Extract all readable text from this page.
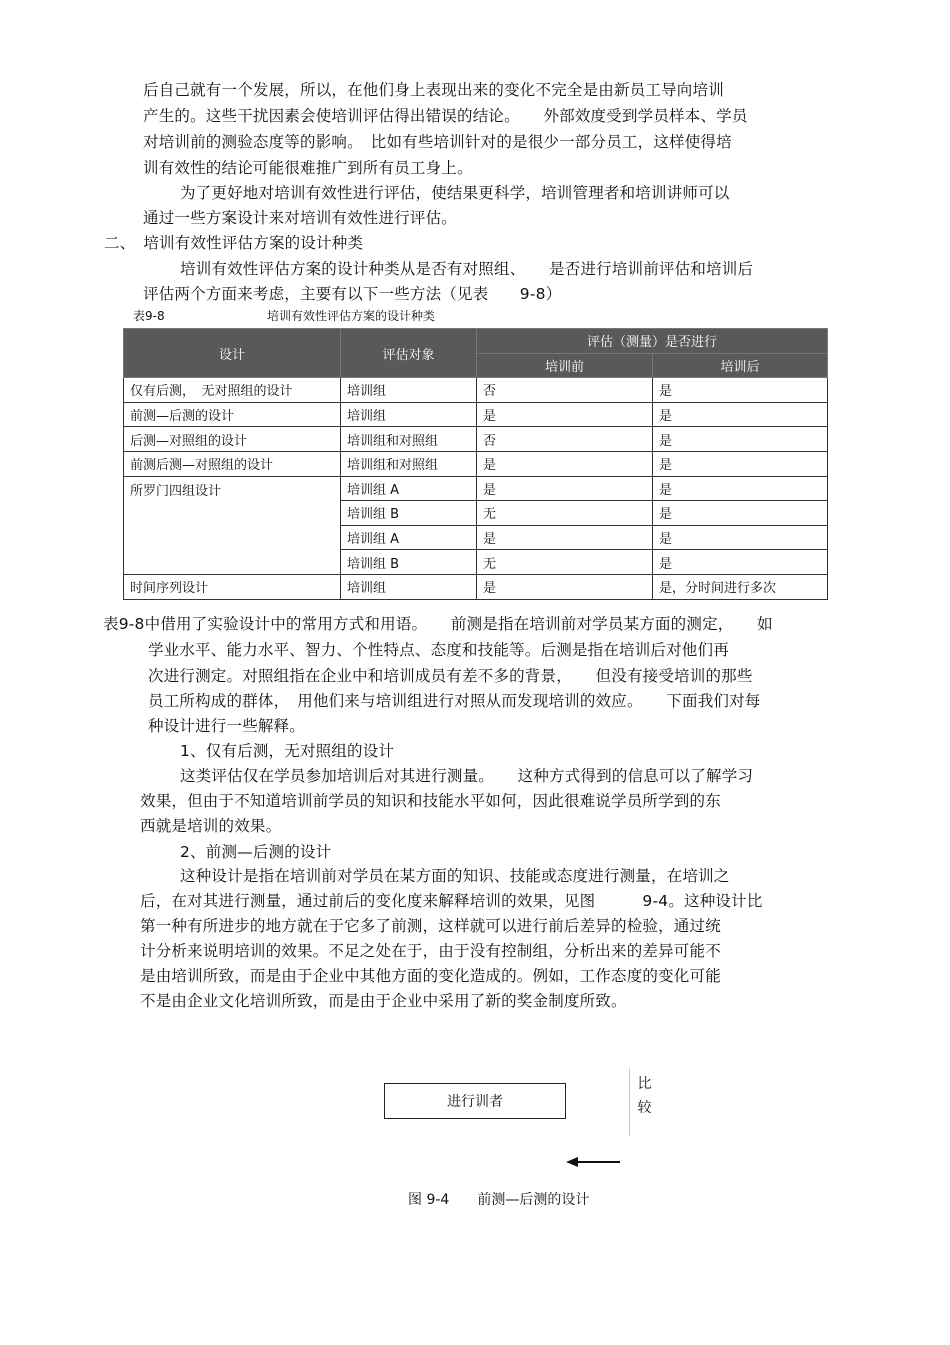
后自己就有一个发展，所以，在他们身上表现出来的变化不完全是由新员工导向培训
产生的。这些干扰因素会使培训评估得出错误的结论。　　外部效度受到学员样本、学员
对培训前的测验态度等的影响。　比如有些培训针对的是很少一部分员工，这样使得培
训有效性的结论可能很难推广到所有员工身上。
为了更好地对培训有效性进行评估，使结果更科学，培训管理者和培训讲师可以
通过一些方案设计来对培训有效性进行评估。
二、　培训有效性评估方案的设计种类
培训有效性评估方案的设计种类从是否有对照组、　　是否进行培训前评估和培训后
评估两个方面来考虑，主要有以下一些方法（见表　　9-8）
表9-8	培训有效性评估方案的设计种类
设计	评估对象	评估（测量）是否进行	
		培训前	培训后
仅有后测，　无对照组的设计	培训组	否	是
前测—后测的设计	培训组	是	是
后测—对照组的设计	培训组和对照组	否	是
前测后测—对照组的设计	培训组和对照组	是	是
所罗门四组设计	培训组 A	是	是
	培训组 B	无	是
	培训组 A	是	是
	培训组 B	无	是
时间序列设计	培训组	是	是，分时间进行多次
表9-8中借用了实验设计中的常用方式和用语。　　前测是指在培训前对学员某方面的测定，　　如
学业水平、能力水平、智力、个性特点、态度和技能等。后测是指在培训后对他们再
次进行测定。对照组指在企业中和培训成员有差不多的背景，　　但没有接受培训的那些
员工所构成的群体，　用他们来与培训组进行对照从而发现培训的效应。　　下面我们对每
种设计进行一些解释。
1、仅有后测，无对照组的设计
这类评估仅在学员参加培训后对其进行测量。　　这种方式得到的信息可以了解学习
效果，但由于不知道培训前学员的知识和技能水平如何，因此很难说学员所学到的东
西就是培训的效果。
2、前测—后测的设计
这种设计是指在培训前对学员在某方面的知识、技能或态度进行测量，在培训之
后，在对其进行测量，通过前后的变化度来解释培训的效果，见图　　　9-4。这种设计比
第一种有所进步的地方就在于它多了前测，这样就可以进行前后差异的检验，通过统
计分析来说明培训的效果。不足之处在于，由于没有控制组，分析出来的差异可能不
是由培训所致，而是由于企业中其他方面的变化造成的。例如，工作态度的变化可能
不是由企业文化培训所致，而是由于企业中采用了新的奖金制度所致。
进行训者
比
较
图 9-4　　前测—后测的设计
